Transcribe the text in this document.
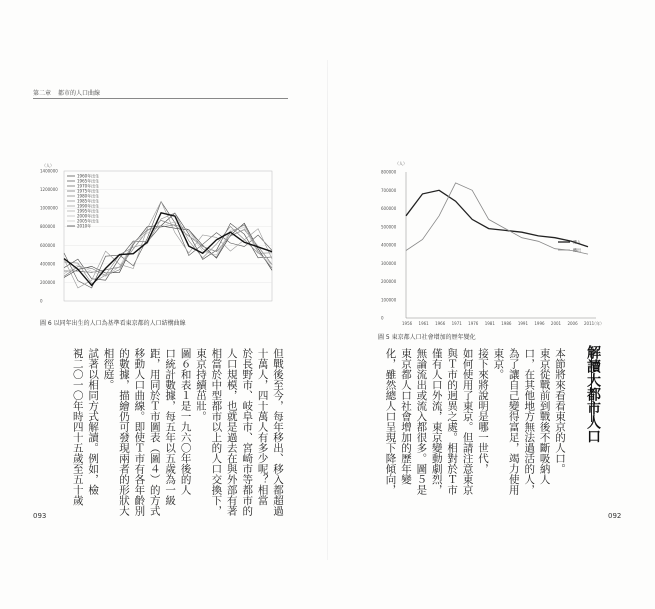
第二章 都市的人口曲線
（人）
1400000
1200000
1000000
800000
600000
400000
200000
0
1960年出生
1965年出生
1970年出生
1975年出生
1980年出生
1985年出生
1990年出生
1995年出生
2000年出生
2005年出生
2010年
圖 6 以同年出生的人口為基準看東京都的人口結構曲線
（人）
800000
700000
600000
500000
400000
300000
200000
100000
0
1956 1961 1966 1971 1976 1981 1986 1991 1996 2001 2006 2011
（年）
轉入
轉出
圖 5 東京都人口社會增加的歷年變化
解讀大都市人口

本節將來看看東京的人口。

東京從戰前到戰後不斷吸納人

口，在其他地方無法過活的人，

為了讓自己變得富足，竭力使用

東京。

接下來將說明是哪一世代，

如何使用了東京。但請注意東京

與Ｔ市的迥異之處。相對於Ｔ市

僅有人口外流，東京變動劇烈，

無論流出或流入都很多。圖５是

東京都人口社會增加的歷年變

化，雖然總人口呈現下降傾向，

但戰後至今，每年移出、移入都超過

十萬人，四十萬人有多少呢？相當

於長野市、岐阜市、宮崎市等都市的

人口規模，也就是過去在與外部有著

相當於中型都市以上的人口交換下，

東京持續茁壯。

圖６和表１是一九六〇年後的人

口統計數據，每五年以五歲為一級

距，用同於Ｔ市圖表（圖４）的方式

移動人口曲線。即使Ｔ市有各年齡別

的數據，描繪仍可發現兩者的形狀大

相徑庭。

試著以相同方式解讀。例如，檢

視二〇一〇年時四十五歲至五十歲

093	092
